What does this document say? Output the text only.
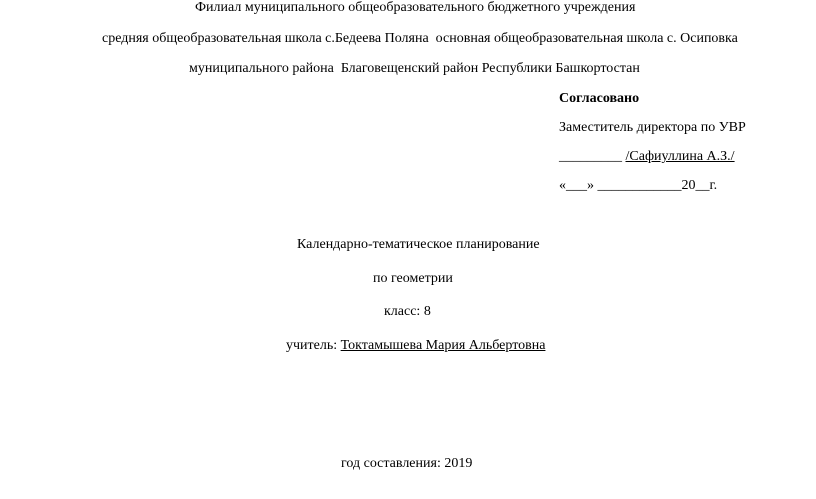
Филиал муниципального общеобразовательного бюджетного учреждения
средняя общеобразовательная школа с.Бедеева Поляна  основная общеобразовательная школа с. Осиповка
муниципального района  Благовещенский район Республики Башкортостан
Согласовано
Заместитель директора по УВР
_________ /Сафиуллина А.З./
«___» ____________20__г.
Календарно-тематическое планирование
по геометрии
класс: 8
учитель: Токтамышева Мария Альбертовна
год составления: 2019
